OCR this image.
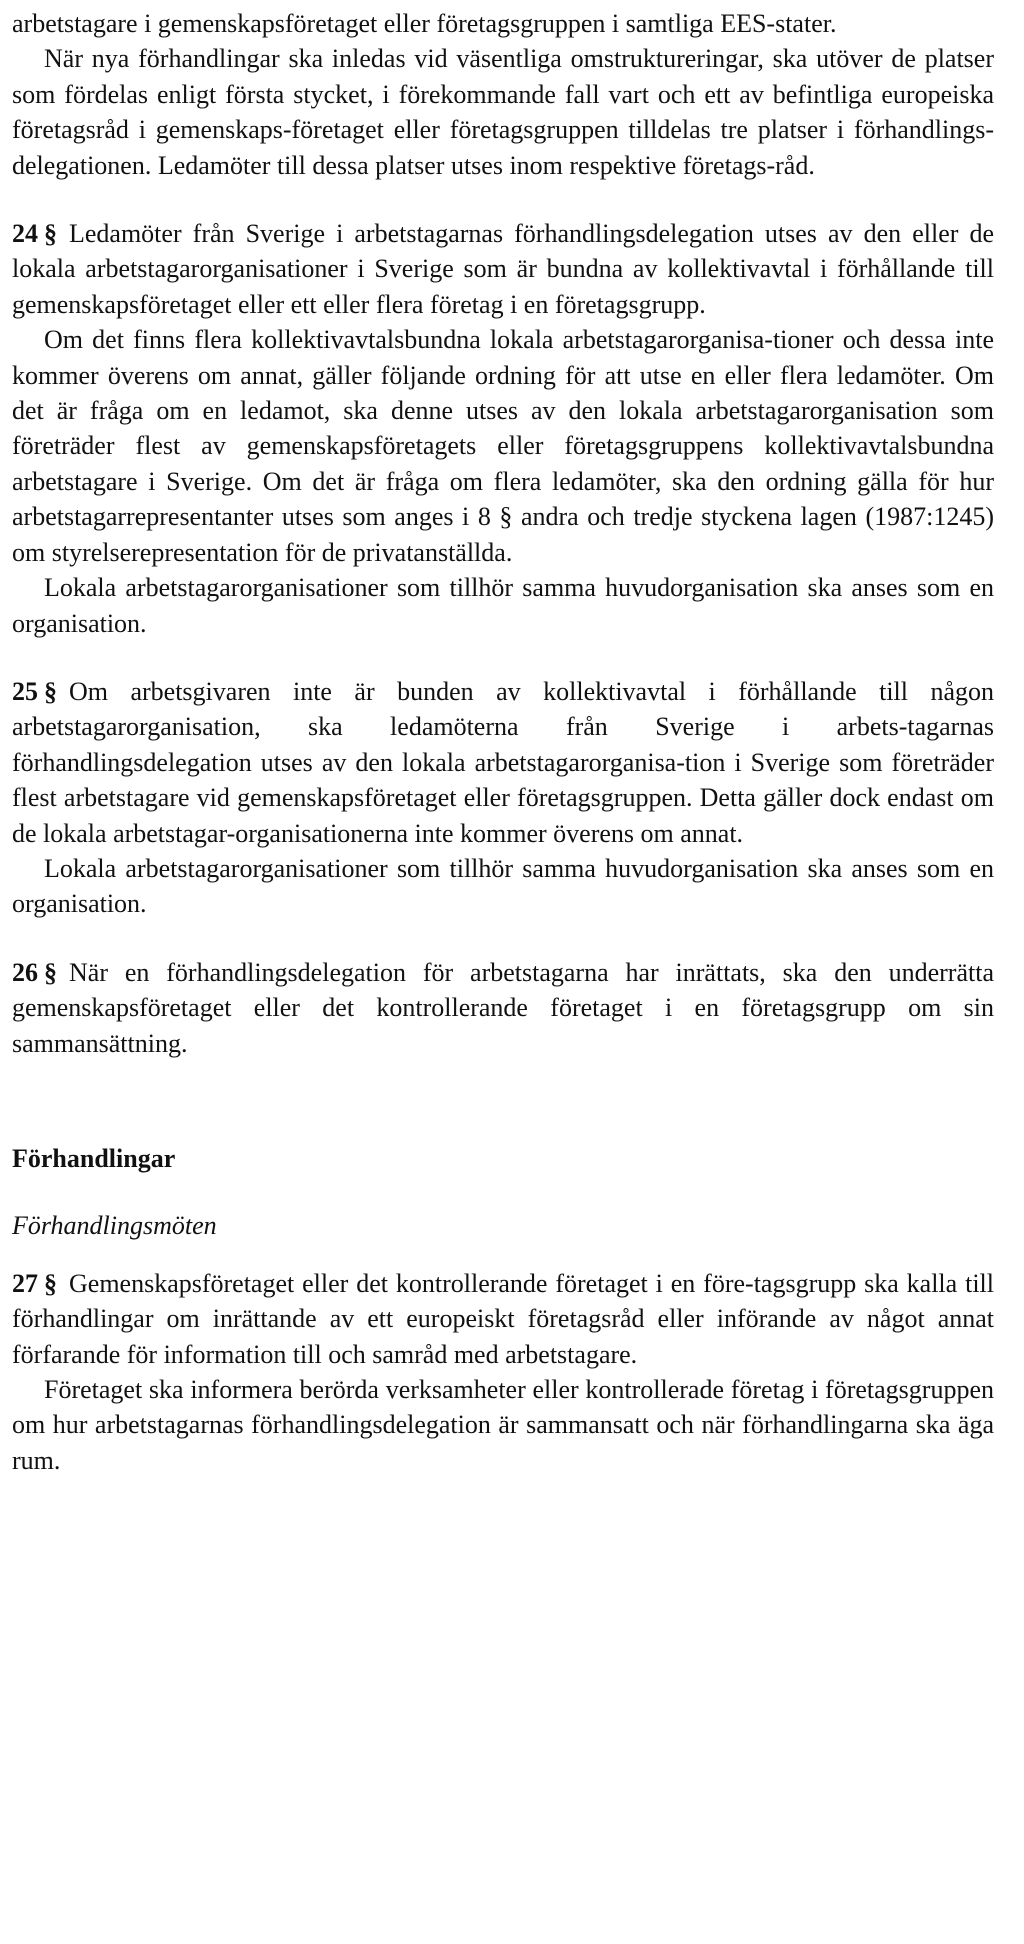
arbetstagare i gemenskapsföretaget eller företagsgruppen i samtliga EES-stater.

När nya förhandlingar ska inledas vid väsentliga omstruktureringar, ska utöver de platser som fördelas enligt första stycket, i förekommande fall vart och ett av befintliga europeiska företagsråd i gemenskaps-företaget eller företagsgruppen tilldelas tre platser i förhandlings-delegationen. Ledamöter till dessa platser utses inom respektive företags-råd.

24 § Ledamöter från Sverige i arbetstagarnas förhandlingsdelegation utses av den eller de lokala arbetstagarorganisationer i Sverige som är bundna av kollektivavtal i förhållande till gemenskapsföretaget eller ett eller flera företag i en företagsgrupp.

Om det finns flera kollektivavtalsbundna lokala arbetstagarorganisa-tioner och dessa inte kommer överens om annat, gäller följande ordning för att utse en eller flera ledamöter. Om det är fråga om en ledamot, ska denne utses av den lokala arbetstagarorganisation som företräder flest av gemenskapsföretagets eller företagsgruppens kollektivavtalsbundna arbetstagare i Sverige. Om det är fråga om flera ledamöter, ska den ordning gälla för hur arbetstagarrepresentanter utses som anges i 8 § andra och tredje styckena lagen (1987:1245) om styrelserepresentation för de privatanställda.

Lokala arbetstagarorganisationer som tillhör samma huvudorganisation ska anses som en organisation.

25 § Om arbetsgivaren inte är bunden av kollektivavtal i förhållande till någon arbetstagarorganisation, ska ledamöterna från Sverige i arbets-tagarnas förhandlingsdelegation utses av den lokala arbetstagarorganisa-tion i Sverige som företräder flest arbetstagare vid gemenskapsföretaget eller företagsgruppen. Detta gäller dock endast om de lokala arbetstagar-organisationerna inte kommer överens om annat.

Lokala arbetstagarorganisationer som tillhör samma huvudorganisation ska anses som en organisation.

26 § När en förhandlingsdelegation för arbetstagarna har inrättats, ska den underrätta gemenskapsföretaget eller det kontrollerande företaget i en företagsgrupp om sin sammansättning.

Förhandlingar

Förhandlingsmöten

27 § Gemenskapsföretaget eller det kontrollerande företaget i en före-tagsgrupp ska kalla till förhandlingar om inrättande av ett europeiskt företagsråd eller införande av något annat förfarande för information till och samråd med arbetstagare.

Företaget ska informera berörda verksamheter eller kontrollerade företag i företagsgruppen om hur arbetstagarnas förhandlingsdelegation är sammansatt och när förhandlingarna ska äga rum.
